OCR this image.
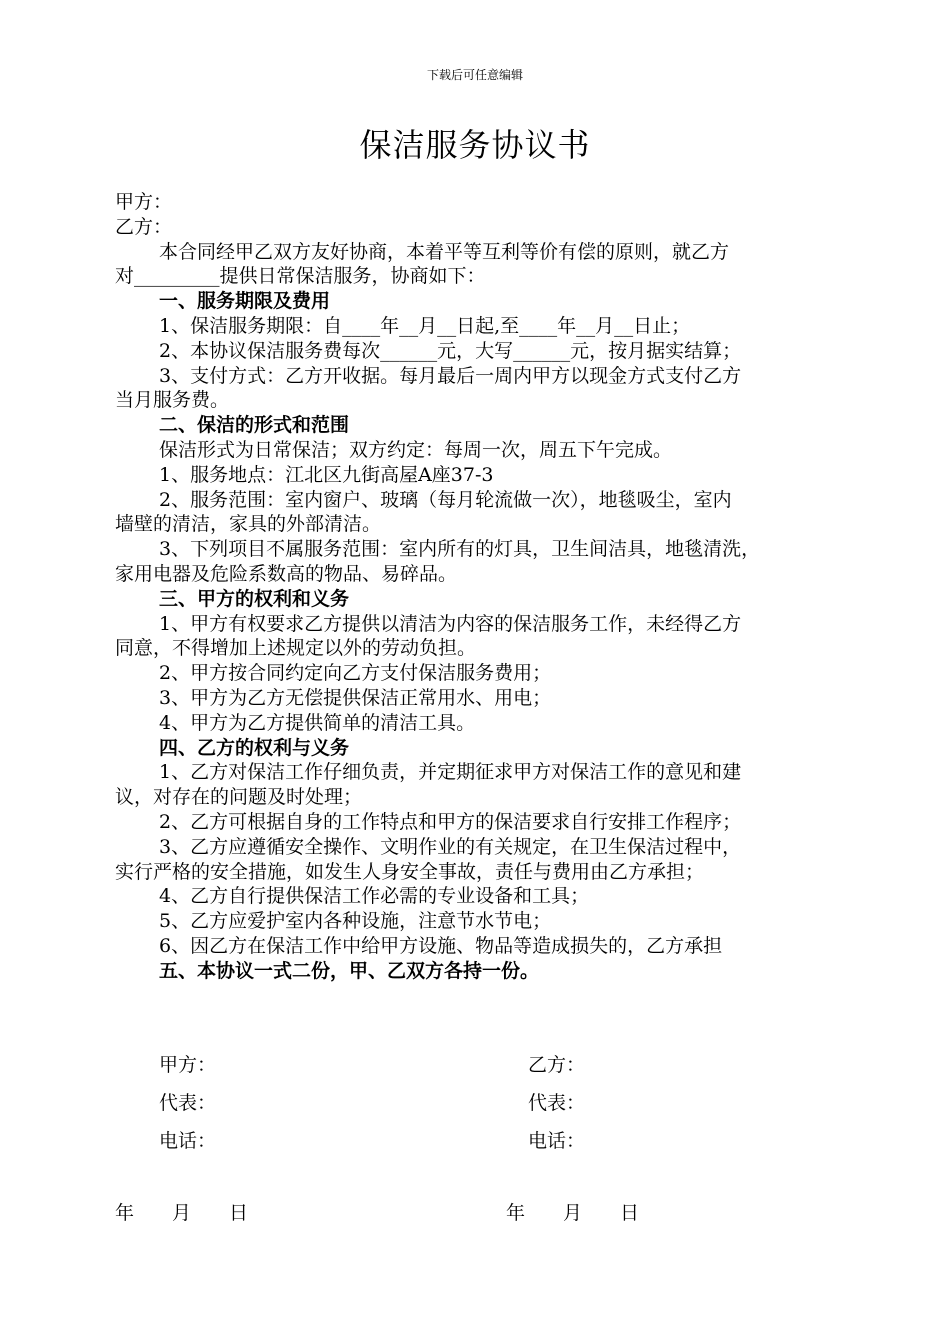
下载后可任意编辑
保洁服务协议书

甲方：

乙方：

本合同经甲乙双方友好协商，本着平等互利等价有偿的原则，就乙方

对_________提供日常保洁服务，协商如下：

一、服务期限及费用

1、保洁服务期限：自____年__月__日起,至____年__月__日止；

2、本协议保洁服务费每次______元，大写______元，按月据实结算；

3、支付方式：乙方开收据。每月最后一周内甲方以现金方式支付乙方

当月服务费。

二、保洁的形式和范围

保洁形式为日常保洁；双方约定：每周一次，周五下午完成。

1、服务地点：江北区九街高屋A座37-3

2、服务范围：室内窗户、玻璃（每月轮流做一次），地毯吸尘，室内

墙壁的清洁，家具的外部清洁。

3、下列项目不属服务范围：室内所有的灯具，卫生间洁具，地毯清洗，

家用电器及危险系数高的物品、易碎品。

三、甲方的权利和义务

1、甲方有权要求乙方提供以清洁为内容的保洁服务工作，未经得乙方

同意，不得增加上述规定以外的劳动负担。

2、甲方按合同约定向乙方支付保洁服务费用；

3、甲方为乙方无偿提供保洁正常用水、用电；

4、甲方为乙方提供简单的清洁工具。

四、乙方的权利与义务

1、乙方对保洁工作仔细负责，并定期征求甲方对保洁工作的意见和建

议，对存在的问题及时处理；

2、乙方可根据自身的工作特点和甲方的保洁要求自行安排工作程序；

3、乙方应遵循安全操作、文明作业的有关规定，在卫生保洁过程中，

实行严格的安全措施，如发生人身安全事故，责任与费用由乙方承担；

4、乙方自行提供保洁工作必需的专业设备和工具；

5、乙方应爱护室内各种设施，注意节水节电；

6、因乙方在保洁工作中给甲方设施、物品等造成损失的，乙方承担

五、本协议一式二份，甲、乙双方各持一份。

甲方：
代表：
电话：
乙方：
代表：
电话：
年 月 日	年 月 日
